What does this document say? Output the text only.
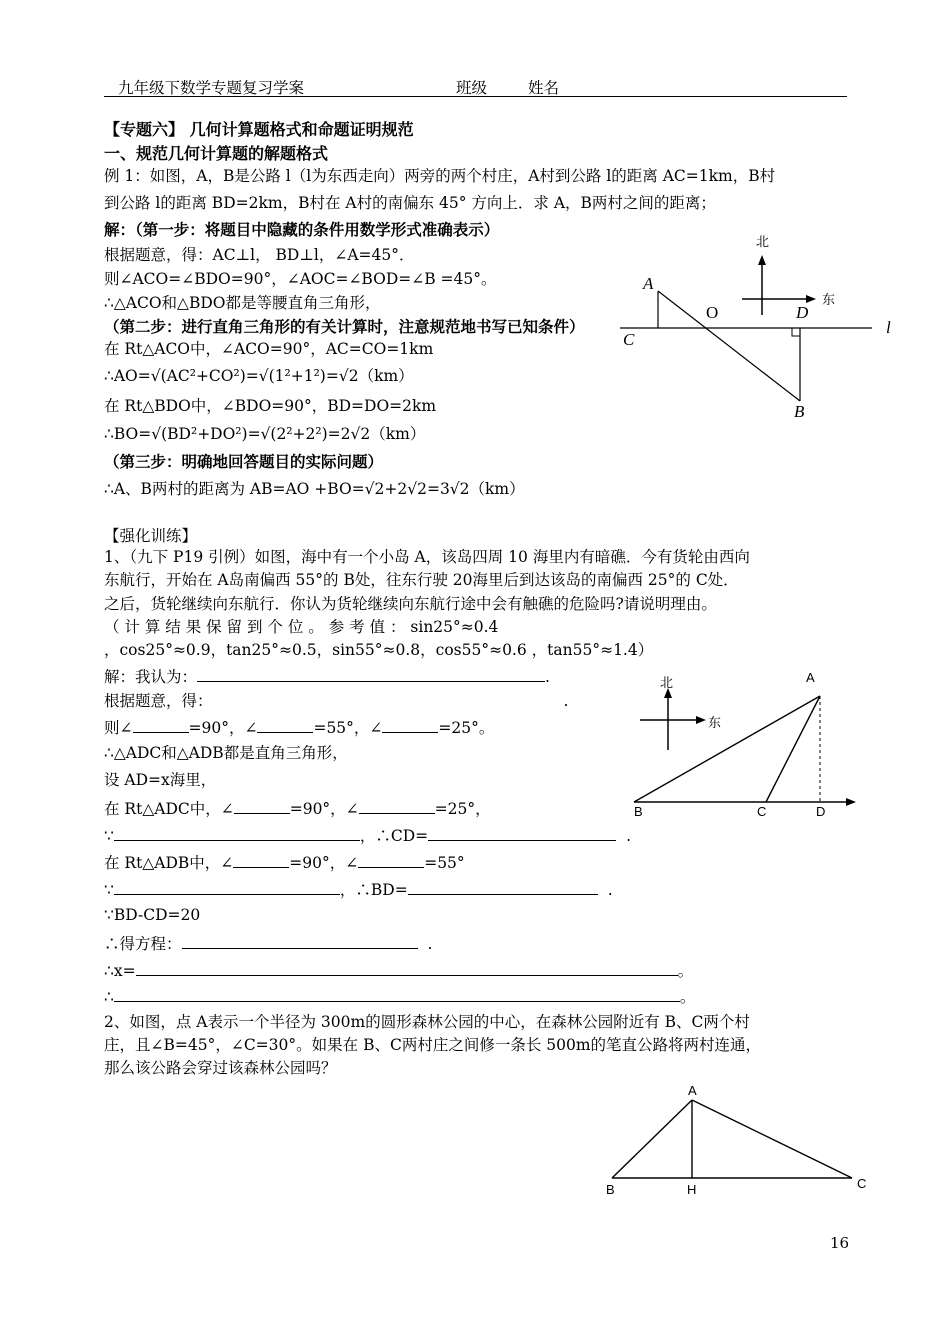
九年级下数学专题复习学案	班级	姓名
【专题六】 几何计算题格式和命题证明规范
一、规范几何计算题的解题格式
例 1：如图，A，B是公路 l（l为东西走向）两旁的两个村庄，A村到公路 l的距离 AC=1km，B村
到公路 l的距离 BD=2km，B村在 A村的南偏东 45° 方向上．求 A，B两村之间的距离；
解：（第一步：将题目中隐藏的条件用数学形式准确表示）
根据题意，得：AC⊥l， BD⊥l，∠A=45°．
则∠ACO=∠BDO=90°，∠AOC=∠BOD=∠B =45°。
∴△ACO和△BDO都是等腰直角三角形，
（第二步：进行直角三角形的有关计算时，注意规范地书写已知条件）
在 Rt△ACO中，∠ACO=90°，AC=CO=1km
∴AO=√(AC²+CO²)=√(1²+1²)=√2（km）
在 Rt△BDO中，∠BDO=90°，BD=DO=2km
∴BO=√(BD²+DO²)=√(2²+2²)=2√2（km）
（第三步：明确地回答题目的实际问题）
∴A、B两村的距离为 AB=AO +BO=√2+2√2=3√2（km）
北
东
A
O	D
C
B
l
【强化训练】
1、（九下 P19 引例）如图，海中有一个小岛 A，该岛四周 10 海里内有暗礁．今有货轮由西向
东航行，开始在 A岛南偏西 55°的 B处，往东行驶 20海里后到达该岛的南偏西 25°的 C处．
之后，货轮继续向东航行．你认为货轮继续向东航行途中会有触礁的危险吗?请说明理由。
（ 计 算 结 果 保 留 到 个 位 。 参 考 值 ： sin25°≈0.4
，cos25°≈0.9，tan25°≈0.5，sin55°≈0.8，cos55°≈0.6 ，tan55°≈1.4）
解：我认为：	.
根据题意，得：	.
则∠	=90°，∠	=55°，∠	=25°。
∴△ADC和△ADB都是直角三角形，
设 AD=x海里，
在 Rt△ADC中，∠	=90°，∠	=25°，
∵	，∴CD=	.
在 Rt△ADB中，∠	=90°，∠	=55°
∵	，∴BD=	.
∵BD-CD=20
∴得方程：	.
∴x=	。
∴	。
北
东
A
B	C	D
2、如图，点 A表示一个半径为 300m的圆形森林公园的中心，在森林公园附近有 B、C两个村
庄，且∠B=45°，∠C=30°。如果在 B、C两村庄之间修一条长 500m的笔直公路将两村连通，
那么该公路会穿过该森林公园吗？
A
B	H	C
16
